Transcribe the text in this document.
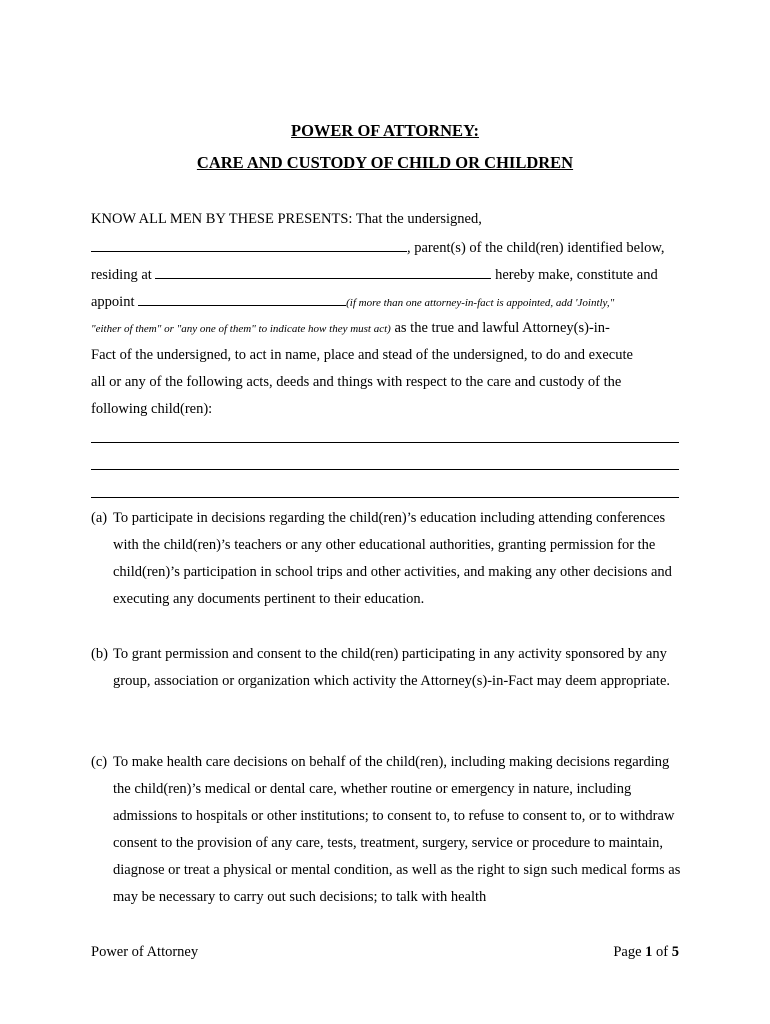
POWER OF ATTORNEY:
CARE AND CUSTODY OF CHILD OR CHILDREN
KNOW ALL MEN BY THESE PRESENTS: That the undersigned,
, parent(s) of the child(ren) identified below,
residing at	hereby make, constitute and
appoint	(if more than one attorney-in-fact is appointed, add 'Jointly,"
"either of them" or "any one of them" to indicate how they must act) as the true and lawful Attorney(s)-in-
Fact of the undersigned, to act in name, place and stead of the undersigned, to do and execute
all or any of the following acts, deeds and things with respect to the care and custody of the
following child(ren):
(a) To participate in decisions regarding the child(ren)’s education including attending conferences with the child(ren)’s teachers or any other educational authorities, granting permission for the child(ren)’s participation in school trips and other activities, and making any other decisions and executing any documents pertinent to their education.
(b) To grant permission and consent to the child(ren) participating in any activity sponsored by any group, association or organization which activity the Attorney(s)-in-Fact may deem appropriate.
(c) To make health care decisions on behalf of the child(ren), including making decisions regarding the child(ren)’s medical or dental care, whether routine or emergency in nature, including admissions to hospitals or other institutions; to consent to, to refuse to consent to, or to withdraw consent to the provision of any care, tests, treatment, surgery, service or procedure to maintain, diagnose or treat a physical or mental condition, as well as the right to sign such medical forms as may be necessary to carry out such decisions; to talk with health
Power of Attorney	Page 1 of 5
